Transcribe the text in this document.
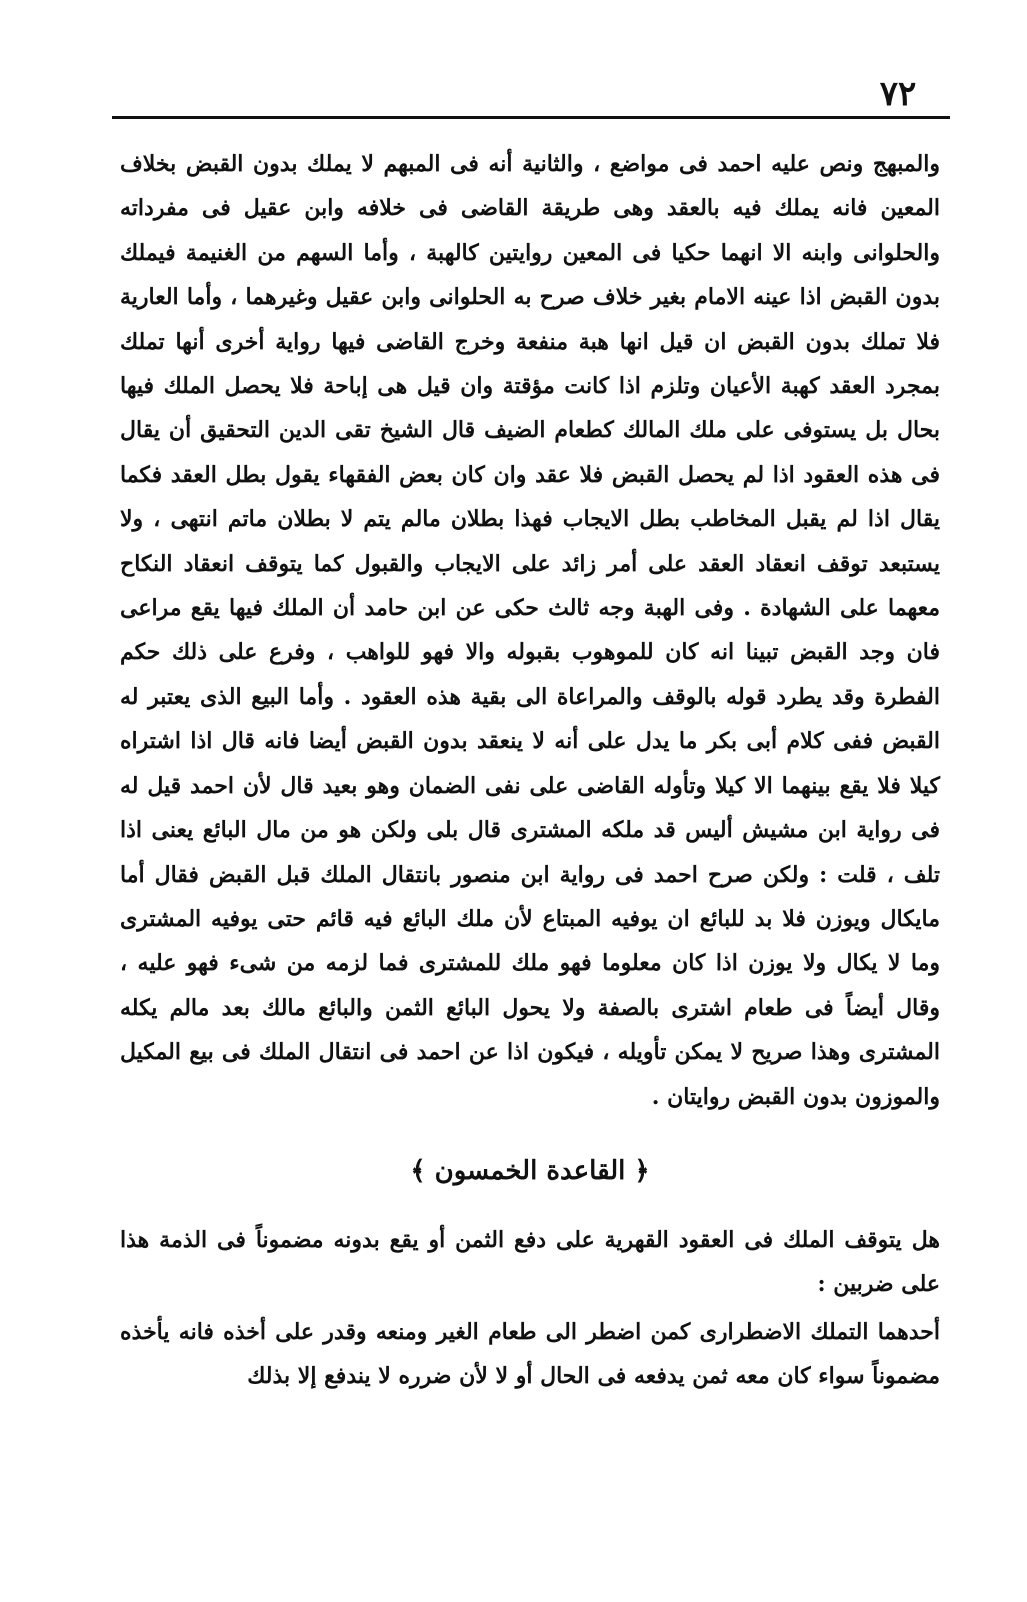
٧٢

والمبهج ونص عليه احمد فى مواضع ، والثانية أنه فى المبهم لا يملك بدون القبض بخلاف المعين فانه يملك فيه بالعقد وهى طريقة القاضى فى خلافه وابن عقيل فى مفرداته والحلوانى وابنه الا انهما حكيا فى المعين روايتين كالهبة ، وأما السهم من الغنيمة فيملك بدون القبض اذا عينه الامام بغير خلاف صرح به الحلوانى وابن عقيل وغيرهما ، وأما العارية فلا تملك بدون القبض ان قيل انها هبة منفعة وخرج القاضى فيها رواية أخرى أنها تملك بمجرد العقد كهبة الأعيان وتلزم اذا كانت مؤقتة وان قيل هى إباحة فلا يحصل الملك فيها بحال بل يستوفى على ملك المالك كطعام الضيف قال الشيخ تقى الدين التحقيق أن يقال فى هذه العقود اذا لم يحصل القبض فلا عقد وان كان بعض الفقهاء يقول بطل العقد فكما يقال اذا لم يقبل المخاطب بطل الايجاب فهذا بطلان مالم يتم لا بطلان ماتم انتهى ، ولا يستبعد توقف انعقاد العقد على أمر زائد على الايجاب والقبول كما يتوقف انعقاد النكاح معهما على الشهادة . وفى الهبة وجه ثالث حكى عن ابن حامد أن الملك فيها يقع مراعى فان وجد القبض تبينا انه كان للموهوب بقبوله والا فهو للواهب ، وفرع على ذلك حكم الفطرة وقد يطرد قوله بالوقف والمراعاة الى بقية هذه العقود . وأما البيع الذى يعتبر له القبض ففى كلام أبى بكر ما يدل على أنه لا ينعقد بدون القبض أيضا فانه قال اذا اشتراه كيلا فلا يقع بينهما الا كيلا وتأوله القاضى على نفى الضمان وهو بعيد قال لأن احمد قيل له فى رواية ابن مشيش أليس قد ملكه المشترى قال بلى ولكن هو من مال البائع يعنى اذا تلف ، قلت : ولكن صرح احمد فى رواية ابن منصور بانتقال الملك قبل القبض فقال أما مايكال ويوزن فلا بد للبائع ان يوفيه المبتاع لأن ملك البائع فيه قائم حتى يوفيه المشترى وما لا يكال ولا يوزن اذا كان معلوما فهو ملك للمشترى فما لزمه من شىء فهو عليه ، وقال أيضاً فى طعام اشترى بالصفة ولا يحول البائع الثمن والبائع مالك بعد مالم يكله المشترى وهذا صريح لا يمكن تأويله ، فيكون اذا عن احمد فى انتقال الملك فى بيع المكيل والموزون بدون القبض روايتان .

﴿ القاعدة الخمسون ﴾

هل يتوقف الملك فى العقود القهرية على دفع الثمن أو يقع بدونه مضموناً فى الذمة هذا على ضربين :

أحدهما التملك الاضطرارى كمن اضطر الى طعام الغير ومنعه وقدر على أخذه فانه يأخذه مضموناً سواء كان معه ثمن يدفعه فى الحال أو لا لأن ضرره لا يندفع إلا بذلك
